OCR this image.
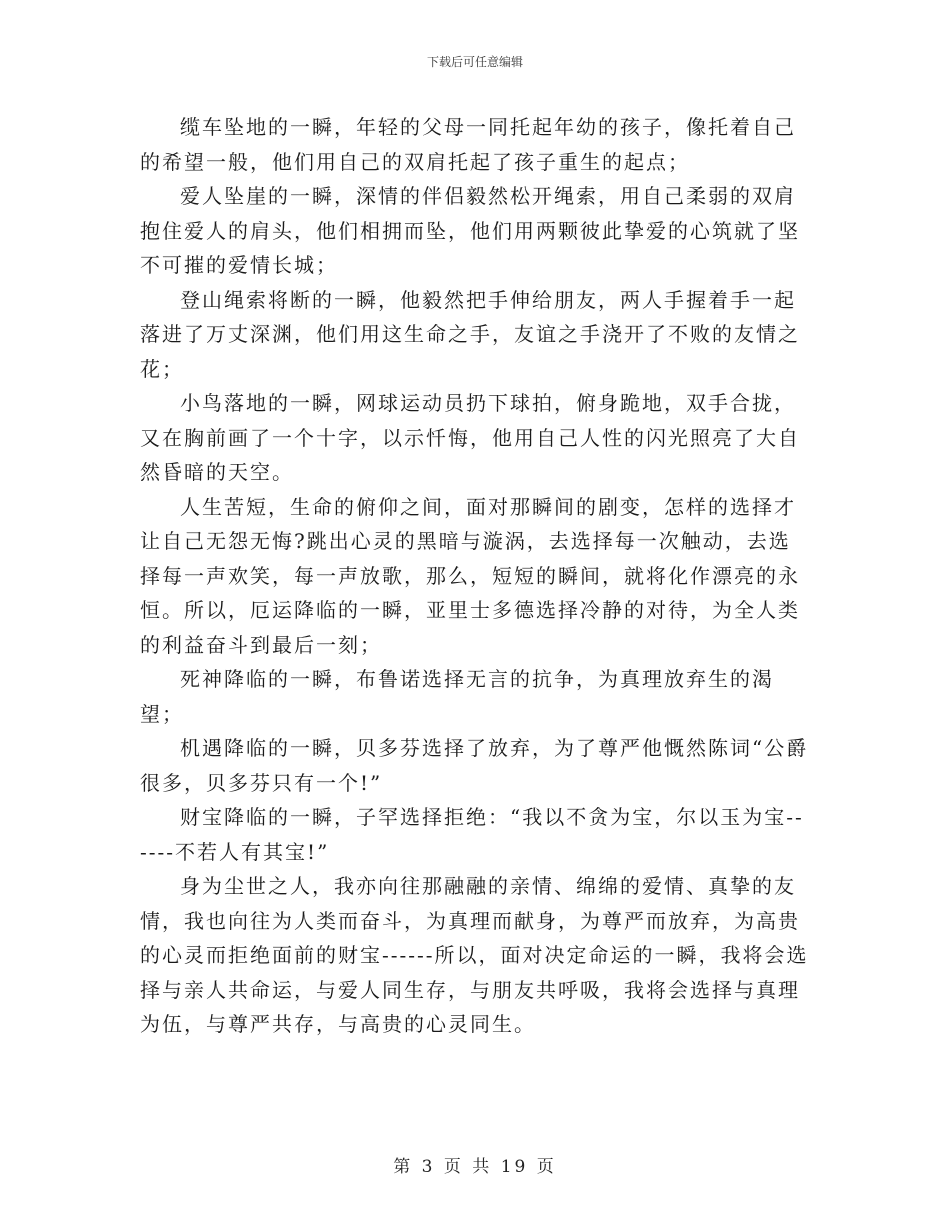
下载后可任意编辑

缆车坠地的一瞬，年轻的父母一同托起年幼的孩子，像托着自己的希望一般，他们用自己的双肩托起了孩子重生的起点；

爱人坠崖的一瞬，深情的伴侣毅然松开绳索，用自己柔弱的双肩抱住爱人的肩头，他们相拥而坠，他们用两颗彼此挚爱的心筑就了坚不可摧的爱情长城；

登山绳索将断的一瞬，他毅然把手伸给朋友，两人手握着手一起落进了万丈深渊，他们用这生命之手，友谊之手浇开了不败的友情之花；

小鸟落地的一瞬，网球运动员扔下球拍，俯身跪地，双手合拢，又在胸前画了一个十字，以示忏悔，他用自己人性的闪光照亮了大自然昏暗的天空。

人生苦短，生命的俯仰之间，面对那瞬间的剧变，怎样的选择才让自己无怨无悔?跳出心灵的黑暗与漩涡，去选择每一次触动，去选择每一声欢笑，每一声放歌，那么，短短的瞬间，就将化作漂亮的永恒。所以，厄运降临的一瞬，亚里士多德选择冷静的对待，为全人类的利益奋斗到最后一刻；

死神降临的一瞬，布鲁诺选择无言的抗争，为真理放弃生的渴望；

机遇降临的一瞬，贝多芬选择了放弃，为了尊严他慨然陈词“公爵很多，贝多芬只有一个!”

财宝降临的一瞬，子罕选择拒绝：“我以不贪为宝，尔以玉为宝------不若人有其宝!”

身为尘世之人，我亦向往那融融的亲情、绵绵的爱情、真挚的友情，我也向往为人类而奋斗，为真理而献身，为尊严而放弃，为高贵的心灵而拒绝面前的财宝------所以，面对决定命运的一瞬，我将会选择与亲人共命运，与爱人同生存，与朋友共呼吸，我将会选择与真理为伍，与尊严共存，与高贵的心灵同生。

第 3 页 共 19 页
